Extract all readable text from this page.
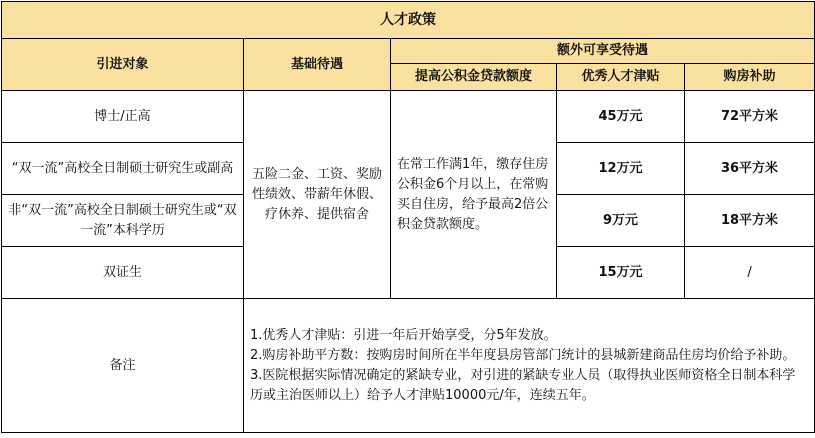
人才政策				
引进对象	基础待遇	额外可享受待遇		
		提高公积金贷款额度	优秀人才津贴	购房补助
博士/正高	五险二金、工资、奖励性绩效、带薪年休假、疗休养、提供宿舍	在常工作满1年，缴存住房公积金6个月以上，在常购买自住房，给予最高2倍公积金贷款额度。	45万元	72平方米
“双一流”高校全日制硕士研究生或副高			12万元	36平方米
非“双一流”高校全日制硕士研究生或“双一流”本科学历			9万元	18平方米
双证生			15万元	/
备注	1.优秀人才津贴：引进一年后开始享受，分5年发放。
2.购房补助平方数：按购房时间所在半年度县房管部门统计的县城新建商品住房均价给予补助。
3.医院根据实际情况确定的紧缺专业，对引进的紧缺专业人员（取得执业医师资格全日制本科学历或主治医师以上）给予人才津贴10000元/年，连续五年。			
